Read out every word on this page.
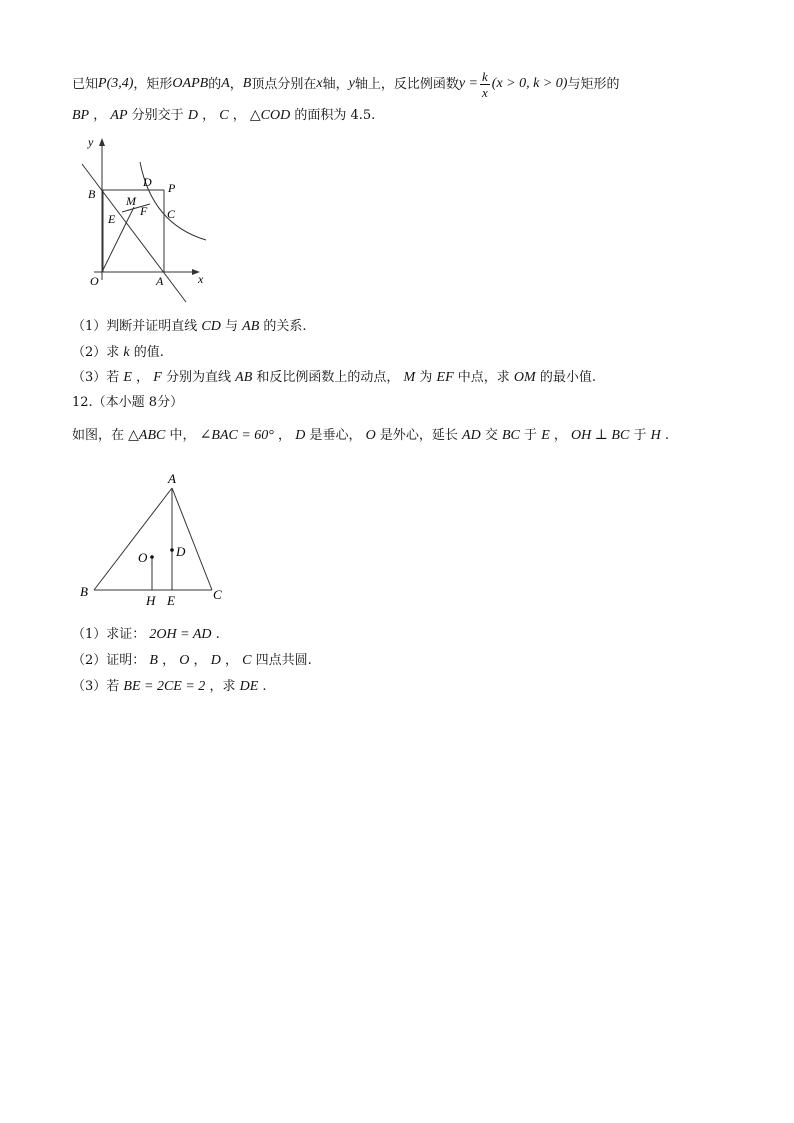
已知 P(3,4) ，矩形 OAPB 的 A ， B 顶点分别在 x 轴， y 轴上，反比例函数 $y = \frac{k}{x} (x > 0$, k > 0) 与矩形的
BP ， AP 分别交于 D ， C ， △COD 的面积为 4.5.
y
x
B
D P
M
E
F C
O	A
（1）判断并证明直线 CD 与 AB 的关系.
（2）求 k 的值.
（3）若 E ， F 分别为直线 AB 和反比例函数上的动点， M 为 EF 中点，求 OM 的最小值.
12.（本小题 8分）
如图，在 △ABC 中， ∠BAC = 60° ， D 是垂心， O 是外心，延长 AD 交 BC 于 E ， OH ⊥ BC 于 H .
A
O D
B
H E	C
（1）求证： 2OH = AD .
（2）证明： B ， O ， D ， C 四点共圆.
（3）若 BE = 2CE = 2 ，求 DE .
